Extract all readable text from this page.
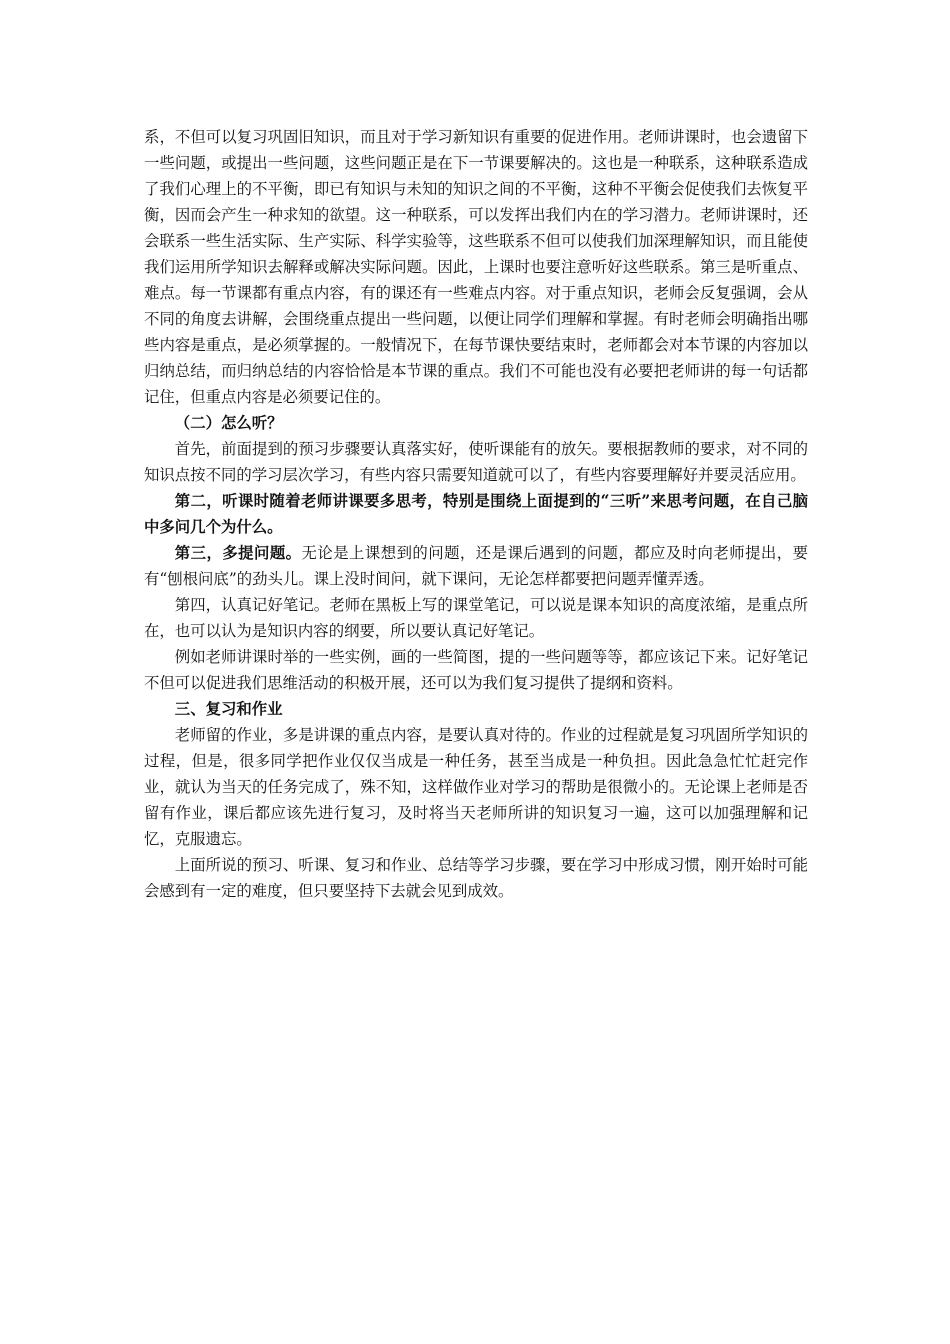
系，不但可以复习巩固旧知识，而且对于学习新知识有重要的促进作用。老师讲课时，也会遗留下一些问题，或提出一些问题，这些问题正是在下一节课要解决的。这也是一种联系，这种联系造成了我们心理上的不平衡，即已有知识与未知的知识之间的不平衡，这种不平衡会促使我们去恢复平衡，因而会产生一种求知的欲望。这一种联系，可以发挥出我们内在的学习潜力。老师讲课时，还会联系一些生活实际、生产实际、科学实验等，这些联系不但可以使我们加深理解知识，而且能使我们运用所学知识去解释或解决实际问题。因此，上课时也要注意听好这些联系。第三是听重点、难点。每一节课都有重点内容，有的课还有一些难点内容。对于重点知识，老师会反复强调，会从不同的角度去讲解，会围绕重点提出一些问题，以便让同学们理解和掌握。有时老师会明确指出哪些内容是重点，是必须掌握的。一般情况下，在每节课快要结束时，老师都会对本节课的内容加以归纳总结，而归纳总结的内容恰恰是本节课的重点。我们不可能也没有必要把老师讲的每一句话都记住，但重点内容是必须要记住的。

（二）怎么听？

首先，前面提到的预习步骤要认真落实好，使听课能有的放矢。要根据教师的要求，对不同的知识点按不同的学习层次学习，有些内容只需要知道就可以了，有些内容要理解好并要灵活应用。

第二，听课时随着老师讲课要多思考，特别是围绕上面提到的“三听”来思考问题，在自己脑中多问几个为什么。

第三，多提问题。无论是上课想到的问题，还是课后遇到的问题，都应及时向老师提出，要有“刨根问底”的劲头儿。课上没时间问，就下课问，无论怎样都要把问题弄懂弄透。

第四，认真记好笔记。老师在黑板上写的课堂笔记，可以说是课本知识的高度浓缩，是重点所在，也可以认为是知识内容的纲要，所以要认真记好笔记。

例如老师讲课时举的一些实例，画的一些简图，提的一些问题等等，都应该记下来。记好笔记不但可以促进我们思维活动的积极开展，还可以为我们复习提供了提纲和资料。

三、复习和作业

老师留的作业，多是讲课的重点内容，是要认真对待的。作业的过程就是复习巩固所学知识的过程，但是，很多同学把作业仅仅当成是一种任务，甚至当成是一种负担。因此急急忙忙赶完作业，就认为当天的任务完成了，殊不知，这样做作业对学习的帮助是很微小的。无论课上老师是否留有作业，课后都应该先进行复习，及时将当天老师所讲的知识复习一遍，这可以加强理解和记忆，克服遗忘。

上面所说的预习、听课、复习和作业、总结等学习步骤，要在学习中形成习惯，刚开始时可能会感到有一定的难度，但只要坚持下去就会见到成效。
